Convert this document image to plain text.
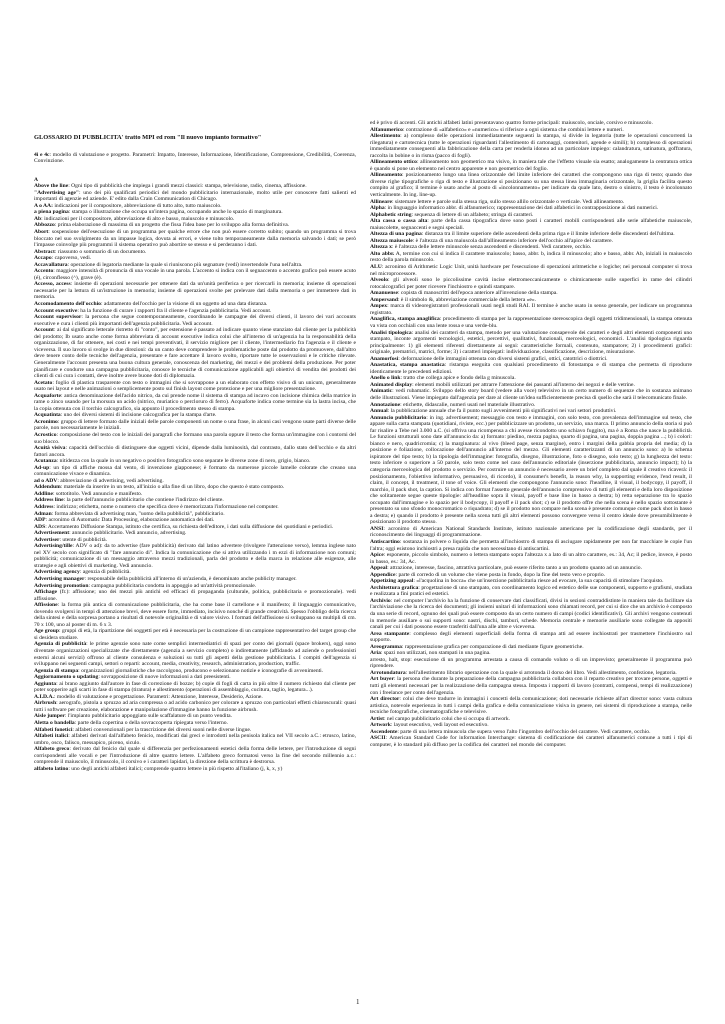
GLOSSARIO DI PUBBLICITA' tratto MPI ed rom "Il nuovo impianto formativo"
4i e 4c: modello di valutazione e progetto. Parametri: Impatto, Interesse, Informazione, Identificazione, Comprensione, Credibilità, Coerenza, Convinzione.
A
Above the line: Ogni tipo di pubblicità che impiega i grandi mezzi classici: stampa, televisione, radio, cinema, affissione.
"Advertising age": uno dei più qualificati periodici del mondo pubblicitario internazionale, molto utile per conoscere fatti salienti ed importanti di agenzie ed aziende. E' edito dalla Crain Communication di Chicago.
A o AA: indicazioni per il compositore, abbreviazione di tutto alto, tutto maiuscolo.
a piena pagina: stampa o illustrazione che occupa un'intera pagina, occupando anche lo spazio di marginatura.
Ab: indicazioni per il compositore, abbreviazione di alto e basso, maiuscolo e minuscolo.
Abbozzo: prima elaborazione di massima di un progetto che fissa l'idea base per lo sviluppo alla forma definitiva.
Abort: sospensione dell'esecuzione di un programma per qualche errore che non può essere corretto subito; quando un programma si trova bloccato nel suo svolgimento da un impasse logica, dovuta ai errori, e viene tolto temporaneamente dalla memoria salvando i dati; se però l'impasse coinvolge più programmi il sistema operativo può abortire se stesso e si perderanno i dati.
Abstract: riassunto o sommario di un documento.
Accapo: capoverso, vedi.
Accavallatura: operazione di legatoria mediante la quale si riuniscono più segnature (vedi) invertendole l'una nell'altra.
Accento: maggiore intensità di pronuncia di una vocale in una parola. L'accento si indica con il segnaccento o accento grafico può essere acuto (é), circonflesso (^), grave (è).
Accesso, access: insieme di operazioni necessarie per ottenere dati da un'unità periferica o per ricercarli in memoria; insieme di operazioni necessarie per la lettura di un'istruzione in memoria; insieme di operazioni svolte per prelevare dati dalla memoria o per immettere dati in memoria.
Accomodamento dell'occhio: adattamento dell'occhio per la visione di un oggetto ad una data distanza.
Account executive: ha la funzione di curare i rapporti fra il cliente e l'agenzia pubblicitaria. Vedi account.
Account supervisor: la persona che segue contemporaneamente, coordinando le campagne dei diversi clienti, il lavoro dei vari accounts executive e cura i clienti più importanti dell'agenzia pubblicitaria. Vedi account.
Account: ai dal significato letterale ristretto di "conto", per estensione è passato ad indicare quanto viene stanziato dal cliente per la pubblicità del prodotto; Ib usato anche come forma abbreviata di account executive indica colui che all'interno di un'agenzia ha la responsabilità della organizzazione, di far ottenere, nei costi e nei tempi preventivati, il servizio migliore per il cliente, l'intermediario fra l'agenzia e il cliente e viceversa. Il suo lavoro si svolge in due direzioni: da un canto deve comprendere le problematiche poste dal prodotto da promuovere, dall'altro deve tenere conto delle tecniche dell'agenzia, presentare e fare accettare il lavoro svolto, riportare tutte le osservazioni e le critiche rilevate. Generalmente l'account presenta una buona cultura generale, conoscenza del marketing, dei mezzi e dei problemi della produzione. Per poter pianificare e condurre una campagna pubblicitaria, conosce le tecniche di comunicazione applicabili agli obiettivi di vendita dei prodotti dei clienti di cui cura i contatti, deve inoltre avere buone doti di diplomazia.
Acetato: foglio di plastica trasparente con testo o immagini che si sovrappone a un elaborato con effetto visivo di un unicum, generalmente usato nei layout e nelle animazioni o semplicemente posto sul finish layout come protezione e per una migliore presentazione.
Acquaforte: antica denominazione dell'acido nitrico, da cui prende nome il sistema di stampa ad incavo con incisione chimica della matrice in rame o zinco usando per la morsura un acido (nitrico, muriatico o percloruro di ferro). Acquaforte indica come termine sia la lastra incisa, che la copia ottenuta con il torchio calcografico, sia appunto il procedimento stesso di stampa.
Acquatinta: uno dei diversi sistemi di incisione calcografica per la stampa d'arte.
Acronimo: gruppo di lettere formato dalle iniziali delle parole componenti un nome o una frase, in alcuni casi vengono usate parti diverse delle parole, non necessariamente le iniziali.
Acrostico: composizione del testo con le iniziali dei paragrafi che formano una parola oppure il testo che forma un'immagine con i contorni del suo blocco.
Acuità visiva: capacità dell'occhio di distinguere due oggetti vicini, dipende dalla luminosità, dal contrasto, dallo stato dell'occhio e da altri fattori ancora.
Acutanza: nitidezza con la quale in un negativo o positivo fotografico sono separate le diverse zone di nero, grigio, bianco.
Ad-up: un tipo di affiche mossa dal vento, di invenzione giapponese; è formato da numerose piccole lamelle colorate che creano una comunicazione vivace e dinamica.
ad o ADV: abbreviazione di advertising, vedi advertising.
Addendum: materiale da inserire in un testo, all'inizio o alla fine di un libro, dopo che questo è stato composto.
Addline: sottotitolo. Vedi annuncio e manifesto.
Address line: la parte dell'annuncio pubblicitario che contiene l'indirizzo del cliente.
Address: indirizzo; etichetta, nome o numero che specifica dove è memorizzata l'informazione nel computer.
Adman: forma abbreviata di advertising man, "uomo della pubblicità", pubblicitario.
ADP: acronimo di Automatic Data Processing, elaborazione automatica dei dati.
ADS: Accertamento Diffusione Stampa, istituto che certifica, su richiesta dell'editore, i dati sulla diffusione dei quotidiani e periodici.
Advertisement: annuncio pubblicitario. Vedi annuncio, advertising.
Advertiser: utente di pubblicità.
Advertising/tille: ADV o ad): da to advertise (fare pubblicità) derivato dal latino advertere (rivolgere l'attenzione verso), lemma inglese nato nel XV secolo con significato di "fare annuncio di". Indica la comunicazione che si attiva utilizzando i m ezzi di informazione non comuni; pubblicità; comunicazione di un messaggio attraverso mezzi tradizionali, parla del prodotto e della marca in relazione alle esigenze, alle strategie e agli obiettivi di marketing. Vedi annuncio.
Advertising agency: agenzia di pubblicità.
Advertising manager: responsabile della pubblicità all'interno di un'azienda, è denominato anche publicity manager.
Advertising promotion: campagna pubblicitaria condotta in appoggio ad un'attività promozionale.
Affichage (fr.): affissione; uno dei mezzi più antichi ed efficaci di propaganda (culturale, politica, pubblicitaria e promozionale). vedi affissione.
Affissione: la forma più antica di comunicazione pubblicitaria, che ha come base il cartellone e il manifesto; il linguaggio comunicativo, dovendo svolgersi in tempi di attenzione brevi, deve essere forte, immediato, incisivo nonché di grande creatività. Spesso l'obbligo della ricerca della sintesi e della sorpresa portano a risultati di notevole originalità e di valore visivo. I formati dell'affissione si sviluppano su multipli di cm. 70 x 100, uno al poster di m. 6 x 3.
Age group: gruppi di età, la ripartizione dei soggetti per età è necessaria per la costruzione di un campione rappresentativo del target group che si desidera studiare.
Agenzia di pubblicità: le prime agenzie sono nate come semplici intermediatrici di spazi per conto dei giornali (space brokers), oggi sono diventate organizzazioni specializzate che direttamente (agenzia a servizio completo) o indirettamente (affidando ad aziende o professionisti esterni alcuni servizi) offrono al cliente consulenza e soluzioni su tutti gli aspetti della gestione pubblicitaria. I compiti dell'agenzia si sviluppano nei seguenti campi, settori o reparti: account, media, creativity, research, administration, production, traffic.
Agenzia di stampa: organizzazioni giornalistiche che raccolgono, producono e selezionano notizie e iconografie di avvenimenti.
Aggiornamento o updating: sovrapposizione di nuove informazioni a dati preesistenti.
Aggiunta: ai brano aggiunto dall'autore in fase di correzione di bozze; b) copie di fogli di carta in più oltre il numero richiesto dal cliente per poter sopperire agli scarti in fase di stampa (tiratura) e allestimento (operazioni di assemblaggio, cucitura, taglio, legatura...).
A.I.D.A.: modello di valutazione e progettazione. Parametri: Attenzione, Interesse, Desiderio, Azione.
Airbrush: aerografo, pistola a spruzzo ad aria compressa o ad acido carbonico per colorare a spruzzo con particolari effetti chiaroscurali: quasi tutti i software per creazione, elaborazione e manipolazione d'immagine hanno la funzione airbrush.
Aisle jumper: l'impianto pubblicitario appoggiato sulle scaffalature di un punto vendita.
Aletta o bandella: parte della copertina o della sovraccoperta ripiegata verso l'interno.
Alfabeti fonetici: alfabeti convenzionali per la trascrizione dei diversi suoni nelle diverse lingue.
Alfabeti italici: alfabeti derivati dall'alfabeto fenicio, modificati dai greci e introdotti nella penisola italica nel VII secolo a.C.: etrusco, latino, umbro, osco, falisco, messapico, piceno, siculo.
Alfabeto greco: derivato dal fenicio dal quale si differenzia per perfezionamenti estetici della forma delle lettere, per l'introduzione di segni corrispondenti alle vocali e per l'introduzione di altre quattro lettere. L'alfabeto greco formatosi verso la fine del secondo millennio a.c.: comprende il maiuscolo, il minuscolo, il corsivo e i caratteri lapidari, la direzione della scrittura è destrorsa.
alfabeto latino: uno degli antichi alfabeti italici; comprende quattro lettere in più rispetto all'italiano (j, k, x, y)
ed è privo di accenti. Gli antichi alfabeti latini presentavano quattro forme principali: maiuscolo, onciale, corsivo e minuscolo.
Alfanumerico: contrazione di «alfabetico» e «numerico» si riferisce a ogni sistema che combini lettere e numeri.
Allestimento: a) complesso delle operazioni immediatamente seguenti la stampa, si divide in legatoria (tutte le operazioni concorrenti la rilegatura) e cartotecnica (tutte le operazioni riguardanti l'allestimento di cartonaggi, contenitori, agende e simili); b) complesso di operazioni immediatamente conseguenti alla fabbricazione della carta per renderla idonea ad un particolare impiego: calandratura, satinatura, goffratura, raccolta in bobine o in risma (pacco di fogli).
Allineamento ottico: allineamento non geometrico ma visivo, in maniera tale che l'effetto visuale sia esatto; analogamente la centratura ottica è quando si pone un elemento nel centro apparente e non geometrico del foglio.
Allineamento: posizionamento lungo una linea orizzontale del limite inferiore dei caratteri che compongono una riga di testo; quando due diverse righe tipografiche o riga di testo e illustrazione si posizionano su una stessa linea immaginaria orizzontale, la griglia facilita questo compito al grafico; il termine è usato anche al posto di «incolonnamento» per indicare da quale lato, destro o sinistro, il testo è incolonnato verticalmente. In ing. line-up.
Allineare: sistemare lettere e parole sulla stessa riga, sullo stesso allilo orizzontale o verticale. Vedi allineamento.
Alpha: in linguaggio informatico abbr. di alfanumerico; rappresentazione dei dati alfabetici in contrapposizione ai dati numerici.
Alphabetic string: sequenza di lettere di un alfabeto; stringa di caratteri.
Alta cassa o cassa alta: parte della cassa tipografica dove sono posti i caratteri mobili corrispondenti alle serie alfabetiche maiuscole, maiuscolette, segnaccenti e segni speciali.
Altezza di una pagina: distanza tra il limite superiore delle ascendenti della prima riga e il limite inferiore delle discendenti dell'ultima.
Altezza maiuscole: è l'altezza di una maiuscola dall'allineamento inferiore dell'occhio all'apice del carattere.
Altezza x: è l'altezza delle lettere minuscole senza ascendenti e discendenti. Vedi carattere, occhio.
Alto abbr. A, termine con cui si indica il carattere maiuscolo; basso, abbr. b, indica il minuscolo; alto e basso, abbr. Ab, iniziali in maiuscolo resto della parola minuscolo.
ALU: acronimo di Arithmetic Logic Unit, unità hardware per l'esecuzione di operazioni aritmetiche o logiche; nei personal computer si trova nel microprocessore.
Alveolo: gli alveoli sono le piccolissime cavità incise elettromeccanicamente o chimicamente sulle superfici in rame dei cilindri rotocalcografici per poter ricevere l'inchiostro e quindi stampare.
Amanuense: copista di manoscritti dell'epoca anteriore all'invenzione della stampa.
Ampersand: è il simbolo &, abbreviazione commerciale della lettera «e».
Ampex: marca di videoregistratori professionali usati negli studi RAI. Il termine è anche usato in senso generale, per indicare un programma registrato.
Anaglifica, stampa anaglifica: procedimento di stampa per la rappresentazione stereoscopica degli oggetti tridimensionali, la stampa ottenuta va vista con occhiali con una lente rossa e una verde-blu.
Analisi tipologica: analisi dei caratteri da stampa, metodo per una valutazione consapevole dei caratteri e degli altri elementi componenti uno stampato, inconte argomenti tecnologici, estetici, percettivi, qualitativi, funzionali, merceologici, economici. L'analisi tipologica riguarda principalmente: 1) gli elementi riferenti direttamente ai segni: caratteristiche formali, contenuto, stampatore; 2) i procedimenti grafici: originale, prematrici, matrici, forme; 3) i caratteri impiegati: individuazione, classificazione, descrizione, misurazione.
Anamorfosi: deformazione delle immagini ottenuta con diversi sistemi grafici, ottici, catottrici o diottrici.
Anastatica, stampa anastatica: ristampa eseguita con qualsiasi procedimento di fotostampa e di stampa che permetta di riprodurre identicamente le precedenti edizioni.
Anello o link: tratto che collega apice e fondo della g minuscola.
Animated display: elementi mobili utilizzati per attrarre l'attenzione dei passanti all'interno dei negozi e delle vetrine.
Animatic: vedi rubamatic. Sviluppo dello story board (vedere alla voce) televisivo in un certo numero di sequenze che in sostanza animano delle illustrazioni. Viene impiegato dall'agenzia per dare al cliente un'idea sufficientemente precisa di quello che sarà il telecomunicato finale.
Annotazione: etichette, didascalie, numeri usati nel materiale illustrativo.
Annual: la pubblicazione annuale che fa il punto sugli avvenimenti più significativi nei vari settori produttivi.
Annuncio pubblicitario: in ing. advertisement; messaggio con testo e immagini, con solo testo, con prevalenza dell'immagine sul testo, che appare sulla carta stampata (quotidiani, riviste, ecc.) per pubblicizzare un prodotto, un servizio, una marca. Il primo annuncio della storia si può far risalire a Tebe nel 3.000 a.C. (si offriva una ricompensa a chi avesse ricondotto uno schiavo fuggito), ma è a Roma che nasce la pubblicità. Le funzioni strutturali sono date all'annuncio da: a) formato: piedino, mezza pagina, quarto di pagina, una pagina, doppia pagina ...; b) i colori: bianco e nero, quadricromia; c) la marginatura: al vivo (bleed page, senza margine), entro i margini della gabbia propria del media; d) la posizione e foliazione, collocazione dell'annuncio all'interno del mezzo. Gli elementi caratterizzanti di un annuncio sono: a) lo schema ispiratore del tipo testo; b) la tipologia dell'immagine: fotografia, disegno, illustrazione, foto o disegno, solo testo; g) la lunghezza del testo: testo inferiore o superiore a 50 parole, solo testo come nel caso dell'annuncio editoriale (inserzione pubblicitaria, annuncio impact); h) la categoria merceologica del prodotto o servizio. Per costruire un annuncio è necessario avere un brief completo dal quale il creativo ricaverà: il posizionamento, l'obiettivo informativo, persuasivo, di ricordo), il consumer's benefit, la reason why, la supporting evidence, l'end result, il claim, il concept, il treatment, il tone of voice. Gli elementi che compongono l'annuncio sono: l'headline, il visual, il bodycopy, il payoff, il marchio, il pack shot, la caption. Si indica con format l'assetto generale dell'annuncio comprensivo di tutti gli elementi e della loro disposizione che solitamente segue queste tipologie: all'headline sopra il visual, payoff e base line in basso a destra; b) retta separazione tra lo spazio occupato dall'immagine e lo spazio per il bodycopy, il payoff e il pack shot; c) se il prodotto offre che nella scena è nello spazio sottostante è presentato su uno sfondo monocromatico o riquadrato; d) se il prodotto non compare nella scena è presente comunque come pack shot in basso a destra; e) quando il prodotto è presente nella scena tutti gli altri elementi possono convergere verso il centro ideale dove presumibilmente è posizionato il prodotto stesso.
ANSI: acronimo di American National Standards Institute, istituto nazionale americano per la codificazione degli standards, per il riconoscimento dei linguaggi di programmazione.
Antiscartino: sostanza in polvere o liquida che permetta all'inchiostro di stampa di asciugare rapidamente per non far macchiare le copie l'un l'altra; oggi esistono inchiostri a presa rapida che non necessitano di antiscartini.
Apice: esponente, piccolo simbolo, numero o lettera stampato sopra l'altezza x a lato di un altro carattere, es.: 34, Ac; il pedice, invece, è posto in basso, es.: 34, Ac.
Appeal: attrazione, interesse, fascino, attrattiva particolare, può essere riferito tanto a un prodotto quanto ad un annuncio.
Appendice: parte di corredo di un volume che viene posta in fondo, dopo la fine del testo vero e proprio.
Appetizing appeal: «l'acquolina in bocca» che un'inserzione pubblicitaria riesce ad evocare, la sua capacità di stimolare l'acquisto.
Architettura grafica: progettazione di uno stampato, con coordinamento logico ed estetico delle sue componenti, supporto e grafismi, studiata e realizzata a fini pratici ed estetici.
Archivio: nel computer l'archivio ha la funzione di conservare dati classificati, divisi in sezioni contraddistinte in maniera tale da facilitare sia l'archiviazione che la ricerca dei documenti; gli insiemi unitari di informazioni sono chiamati record, per cui si dice che un archivio è composto da una serie di record, ognuno dei quali può essere composto da un certo numero di campi (codici identificativi). Gli archivi vengono contenuti in memorie ausiliare o sui supporti sono: nastri, dischi, tamburi, schede. Memoria centrale e memorie ausiliarie sono collegate da appositi canali per cui i dati possono essere trasferiti dall'una alle altre e viceversa.
Area stampante: complesso degli elementi superficiali della forma di stampa atti ad essere inchiostrati per trasmettere l'inchiostro sul supporto.
Areogramma: rappresentazione grafica per comparazione di dati mediante figure geometriche.
Aria: spazi non utilizzati, non stampati in una pagina.
arresto, halt, stop: esecuzione di un programma arrestata a causa di comando voluto o di un imprevisto; generalmente il programma può riprendere.
Arrotondatura: nell'allestimento librario operazione con la quale si arrotonda il dorso del libro. Vedi allestimento, confezione, legatoria.
Art buyer: la persona che durante la preparazione della campagna pubblicitaria collabora con il reparto creativo per trovare persone, oggetti e tutti gli elementi necessari per la realizzazione della campagna stessa. Imposta i rapporti di lavoro (contratti, compensi, tempi di realizzazione) con i freelance per conto dell'agenzia.
Art director: colui che deve tradurre in immagini i concetti della comunicazione; doti necessarie richieste all'art director sono: vasta cultura artistica, notevole esperienza in tutti i campi della grafica e della comunicazione visiva in genere, nei sistemi di riproduzione a stampa, nelle tecniche fotografiche, cinematografiche e televisive.
Artist: nel campo pubblicitario colui che si occupa di artwork.
Artwork: layout esecutivo, vedi layout ed esecutivo.
Ascendente: parte di una lettera minuscola che supera verso l'alto l'ingombro dell'occhio del carattere. Vedi carattere, occhio.
ASCII: American Standard Code for information Interchange: sistema di codificazione dei caratteri alfanumerici comune a tutti i tipi di computer, è lo standard più diffuso per la codifica dei caratteri nel mondo dei computer.
1
